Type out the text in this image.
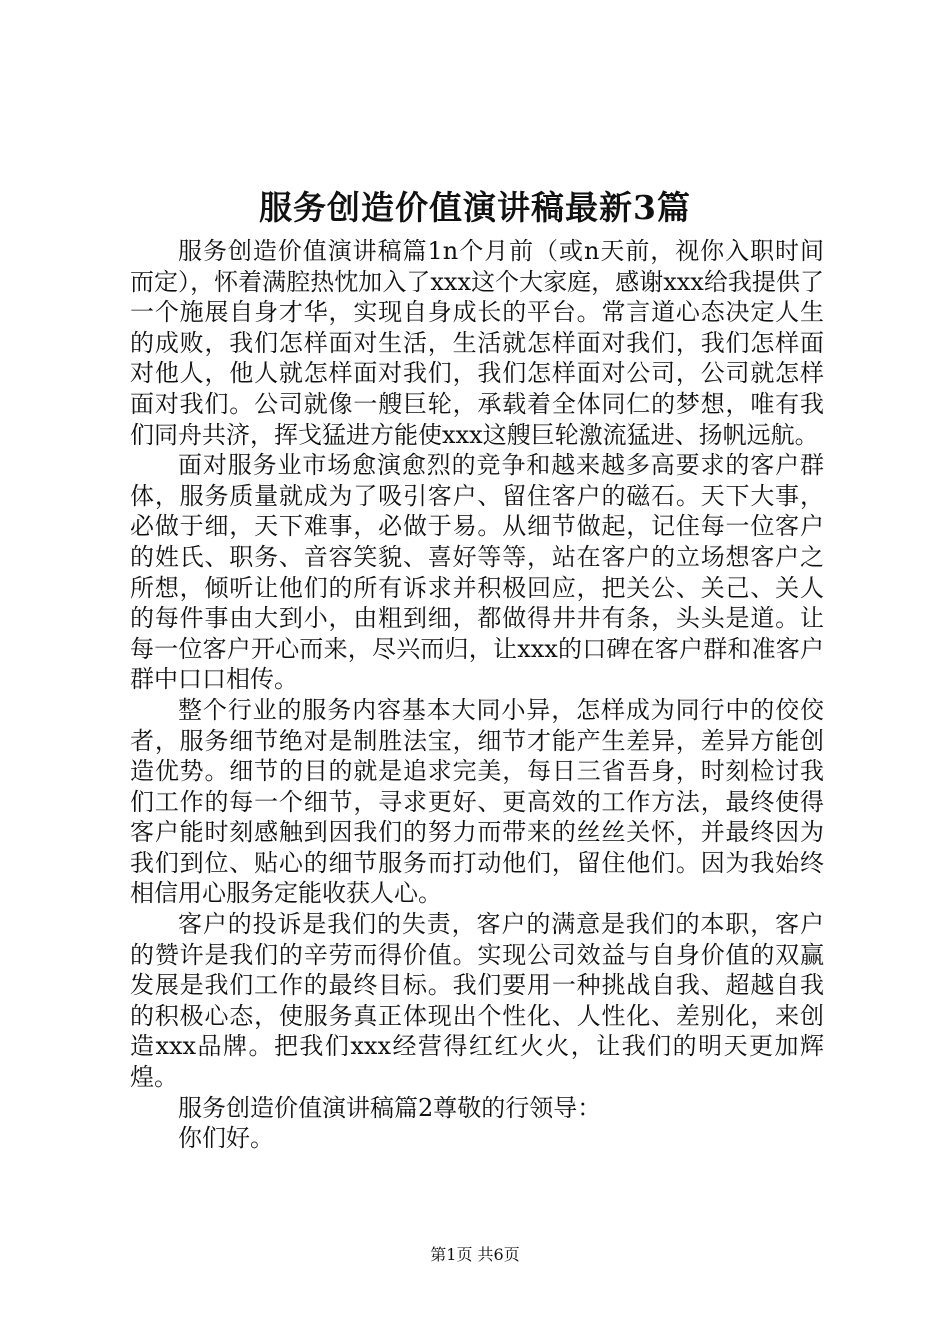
服务创造价值演讲稿最新3篇

服务创造价值演讲稿篇1n个月前（或n天前，视你入职时间而定），怀着满腔热忱加入了xxx这个大家庭，感谢xxx给我提供了一个施展自身才华，实现自身成长的平台。常言道心态决定人生的成败，我们怎样面对生活，生活就怎样面对我们，我们怎样面对他人，他人就怎样面对我们，我们怎样面对公司，公司就怎样面对我们。公司就像一艘巨轮，承载着全体同仁的梦想，唯有我们同舟共济，挥戈猛进方能使xxx这艘巨轮激流猛进、扬帆远航。

面对服务业市场愈演愈烈的竞争和越来越多高要求的客户群体，服务质量就成为了吸引客户、留住客户的磁石。天下大事，必做于细，天下难事，必做于易。从细节做起，记住每一位客户的姓氏、职务、音容笑貌、喜好等等，站在客户的立场想客户之所想，倾听让他们的所有诉求并积极回应，把关公、关己、关人的每件事由大到小，由粗到细，都做得井井有条，头头是道。让每一位客户开心而来，尽兴而归，让xxx的口碑在客户群和准客户群中口口相传。

整个行业的服务内容基本大同小异，怎样成为同行中的佼佼者，服务细节绝对是制胜法宝，细节才能产生差异，差异方能创造优势。细节的目的就是追求完美，每日三省吾身，时刻检讨我们工作的每一个细节，寻求更好、更高效的工作方法，最终使得客户能时刻感触到因我们的努力而带来的丝丝关怀，并最终因为我们到位、贴心的细节服务而打动他们，留住他们。因为我始终相信用心服务定能收获人心。

客户的投诉是我们的失责，客户的满意是我们的本职，客户的赞许是我们的辛劳而得价值。实现公司效益与自身价值的双赢发展是我们工作的最终目标。我们要用一种挑战自我、超越自我的积极心态，使服务真正体现出个性化、人性化、差别化，来创造xxx品牌。把我们xxx经营得红红火火，让我们的明天更加辉煌。

服务创造价值演讲稿篇2尊敬的行领导：

你们好。

第1页 共6页
